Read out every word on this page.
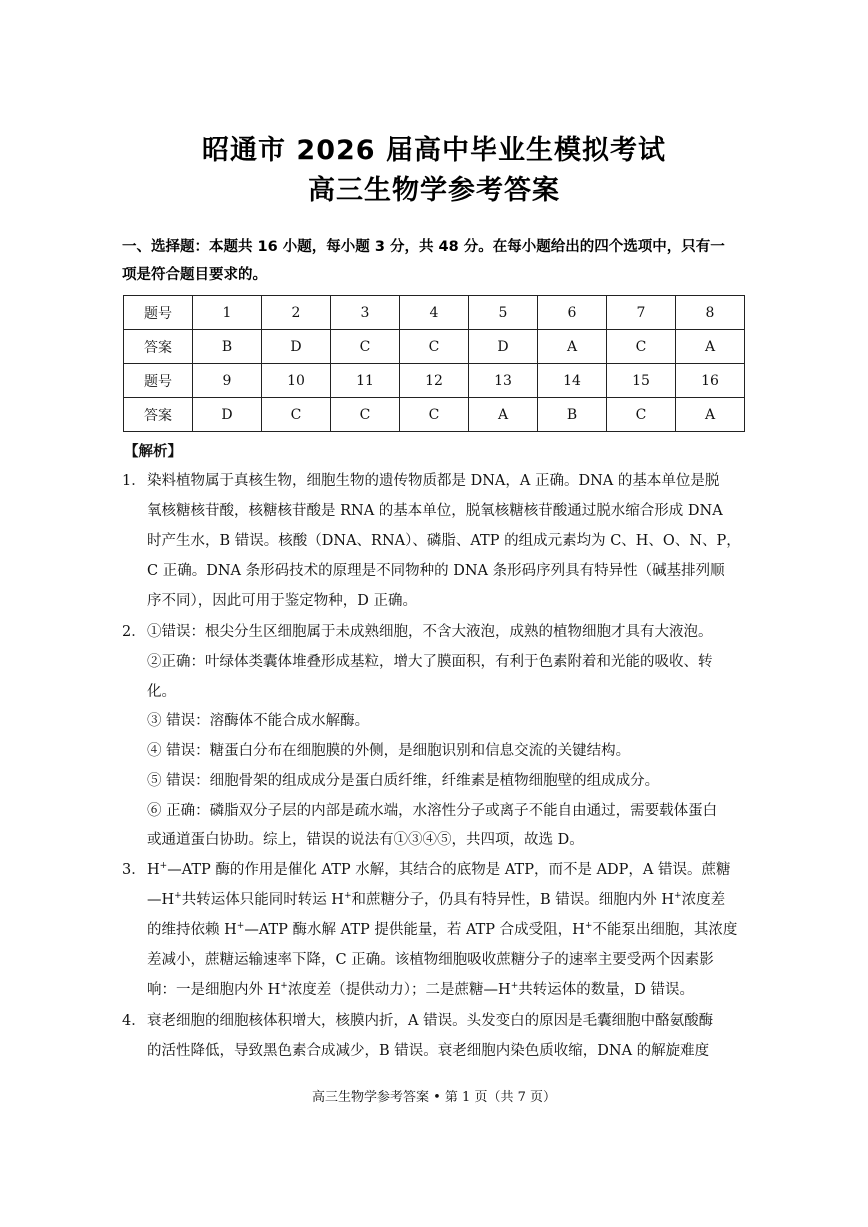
昭通市 2026 届高中毕业生模拟考试
高三生物学参考答案
一、选择题：本题共 16 小题，每小题 3 分，共 48 分。在每小题给出的四个选项中，只有一
项是符合题目要求的。
题号	1	2	3	4	5	6	7	8
答案	B	D	C	C	D	A	C	A
题号	9	10	11	12	13	14	15	16
答案	D	C	C	C	A	B	C	A
【解析】
1． 染料植物属于真核生物，细胞生物的遗传物质都是 DNA，A 正确。DNA 的基本单位是脱
氧核糖核苷酸，核糖核苷酸是 RNA 的基本单位，脱氧核糖核苷酸通过脱水缩合形成 DNA
时产生水，B 错误。核酸（DNA、RNA）、磷脂、ATP 的组成元素均为 C、H、O、N、P，
C 正确。DNA 条形码技术的原理是不同物种的 DNA 条形码序列具有特异性（碱基排列顺
序不同），因此可用于鉴定物种，D 正确。
2． ①错误：根尖分生区细胞属于未成熟细胞，不含大液泡，成熟的植物细胞才具有大液泡。
②正确：叶绿体类囊体堆叠形成基粒，增大了膜面积，有利于色素附着和光能的吸收、转
化。
③ 错误：溶酶体不能合成水解酶。
④ 错误：糖蛋白分布在细胞膜的外侧，是细胞识别和信息交流的关键结构。
⑤ 错误：细胞骨架的组成成分是蛋白质纤维，纤维素是植物细胞壁的组成成分。
⑥ 正确：磷脂双分子层的内部是疏水端，水溶性分子或离子不能自由通过，需要载体蛋白
或通道蛋白协助。综上，错误的说法有①③④⑤，共四项，故选 D。
3． H+—ATP 酶的作用是催化 ATP 水解，其结合的底物是 ATP，而不是 ADP，A 错误。蔗糖
—H+共转运体只能同时转运 H+和蔗糖分子，仍具有特异性，B 错误。细胞内外 H+浓度差
的维持依赖 H+—ATP 酶水解 ATP 提供能量，若 ATP 合成受阻，H+不能泵出细胞，其浓度
差减小，蔗糖运输速率下降，C 正确。该植物细胞吸收蔗糖分子的速率主要受两个因素影
响：一是细胞内外 H+浓度差（提供动力）；二是蔗糖—H+共转运体的数量，D 错误。
4． 衰老细胞的细胞核体积增大，核膜内折，A 错误。头发变白的原因是毛囊细胞中酪氨酸酶
的活性降低，导致黑色素合成减少，B 错误。衰老细胞内染色质收缩，DNA 的解旋难度
高三生物学参考答案 • 第 1 页（共 7 页）
